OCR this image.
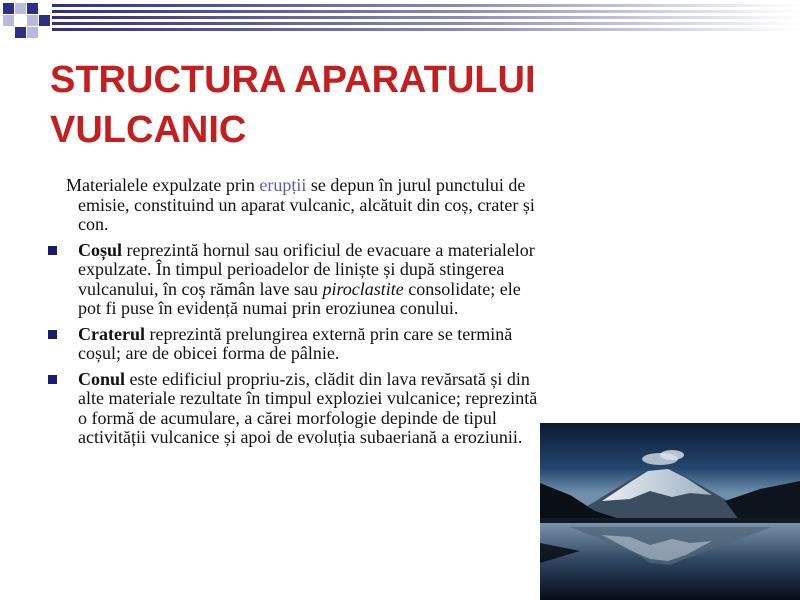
STRUCTURA APARATULUI
VULCANIC

Materialele expulzate prin erupții se depun în jurul punctului de emisie, constituind un aparat vulcanic, alcătuit din coș, crater și con.

Coșul reprezintă hornul sau orificiul de evacuare a materialelor expulzate. În timpul perioadelor de liniște și după stingerea vulcanului, în coș rămân lave sau piroclastite consolidate; ele pot fi puse în evidență numai prin eroziunea conului.
Craterul reprezintă prelungirea externă prin care se termină coșul; are de obicei forma de pâlnie.
Conul este edificiul propriu-zis, clădit din lava revărsată și din alte materiale rezultate în timpul exploziei vulcanice; reprezintă o formă de acumulare, a cărei morfologie depinde de tipul activității vulcanice și apoi de evoluția subaeriană a eroziunii.
